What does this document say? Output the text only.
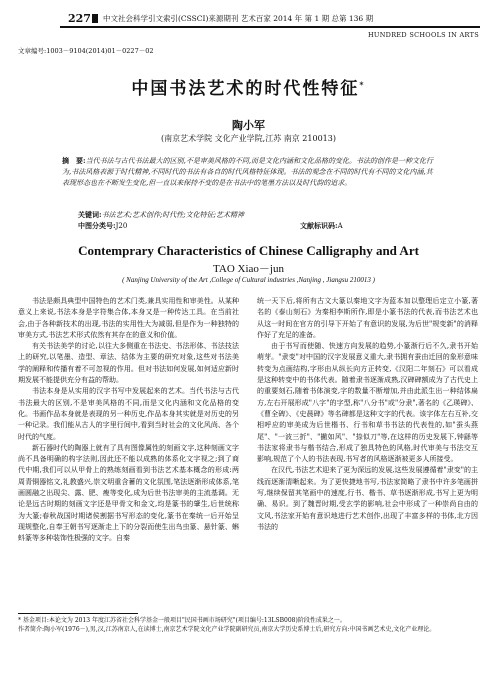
227 中文社会科学引文索引(CSSCI)来源期刊 艺术百家 2014 年 第 1 期 总第 136 期
HUNDRED SCHOOLS IN ARTS
文章编号:1003－9104(2014)01－0227－02
中国书法艺术的时代性特征*
陶小军
(南京艺术学院 文化产业学院,江苏 南京 210013)
摘　要:当代书法与古代书法最大的区别,不是审美风格的不同,而是文化内涵和文化品格的变化。书法的创作是一种文化行为,书法风格表源于时代精神,不同时代的书法有各自的时代风格特征体现。书法的观念在不同的时代有不同的文化内涵,其表现形态也在不断发生变化,但一直以来保持不变的是在书法中的笔墨方法以及时代韵的追求。
关键词:书法艺术;艺术创作;时代性;文化特征;艺术精神
中图分类号:J20	文献标识码:A
Contemprary Characteristics of Chinese Calligraphy and Art
TAO Xiao－jun
( Nanjing University of the Art ,College of Cultural industries ,Nanjing , Jiangsu 210013 )

书法是颇具典型中国特色的艺术门类,兼具实用性和审美性。从某种意义上来说,书法本身是字符集合体,本身又是一种传达工具。在当前社会,由于各种新技术的出现,书法的实用性大为减弱,但是作为一种独特的审美方式,书法艺术形式依然有其存在的意义和价值。

有关书法美学的讨论,以往大多侧重在书法史、书法形体、书法技法上的研究,以笔墨、造型、章法、结体为主要的研究对象,这些对书法美学的阐释和传播有着不可忽视的作用。但对书法如何发展,如何适应新时期发展不能提供充分有益的帮助。

书法本身是从实用的汉字书写中发展起来的艺术。当代书法与古代书法最大的区别,不是审美风格的不同,而是文化内涵和文化品格的变化。书画作品本身就是表现的另一种历史,作品本身其实就是对历史的另一种记录。我们能从古人的字里行间中,看到当时社会的文化风尚、各个时代的气度。

新石器时代的陶器上就有了具有图像属性的刻画文字,这种刻画文字尚不具备明确的构字法则,因此还不能以成熟的体系化文字视之;到了商代中期,我们可以从甲骨上的熟练刻画看到书法艺术基本概念的形成:两周青铜器铭文,礼教盛兴,崇文明重含蓄的文化氛围,笔法逐渐形成体系,笔画圆融之出现尖、露、肥、瘦等变化,成为后世书法审美的主流基调。无论是远古时期的刻画文字还是甲骨文和金文,均是篆书的肇生,后世统称为大篆;春秋战国时期诸侯割据书写形态的变化,篆书在秦统一后开始呈现规整化,自奉王朝书写逐渐走上下的分裂而使生出鸟虫篆、悬针篆、蝌蚪篆等多种装饰性极强的文字。自秦

统一天下后,将所有古文大篆以秦地文字为蓝本加以整理后定立小篆,著名的《泰山刻石》为秦相李斯所作,即是小篆书法的代表,而书法艺术也从这一时间在官方的引导下开始了有意识的发展,为后世"规变新"的消释作好了充足的准备。

由于书写而使随、快速方向发展的趋势,小篆渐行后不久,隶书开始萌芽。"隶变"对中国的汉字发展意义重大,隶书拥有蚕由迁回的象形意味转变为点画结构,字形由从纵长向方正转变,《汉阳二年刻石》可以看成是这种转变中的书体代表。随着隶书逐渐成熟,汉碑碑额成为了古代史上的重要刻石,随着书体演变,字的数量不断增加,并由此派生出一种结体扁方,左右开展形成"八字"的字型,称"八分书"或"分隶",著名的《乙瑛碑》、《曹全碑》、《史晨碑》等名碑都是这种文字的代表。该字体左右互补,交相呼应的审美成为后世楷书、行书和草书书法的代表性的,如"蚕头燕尾"、"一波三折"、"撇如风"、"捺似刀"等,在这样的历史发展下,钟繇等书法家将隶书与楷书结合,形成了独具特色的风格,时代审美与书法交互影响,规范了个人的书法表现,书写者的风格逐渐被更多人所接受。

在汉代,书法艺术迎来了更为深远的发展,这些发展遵循着"隶变"的主线而逐渐清晰起来。为了更快捷地书写,书法家简略了隶书中许多笔画拼写,继续保留其笔画中的速度,行书、楷书、草书逐渐形成,书写上更为明确、易识。到了魏晋时期,受玄学的影响,社会中形成了一种崇尚自由的文风,书法家开始有意识地进行艺术创作,出现了丰富多样的书体,北方因书法的

* 基金项目:本论文为 2013 年度江苏省社会科学基金一般项目"民国书画市场研究"(项目编号:13LSB008)阶段性成果之一。

作者简介:陶小军(1976－),男,汉,江苏南京人,在读博士,南京艺术学院文化产业学院副研究员,南京大学历史系博士后,研究方向:中国书画艺术史,文化产业理论。
